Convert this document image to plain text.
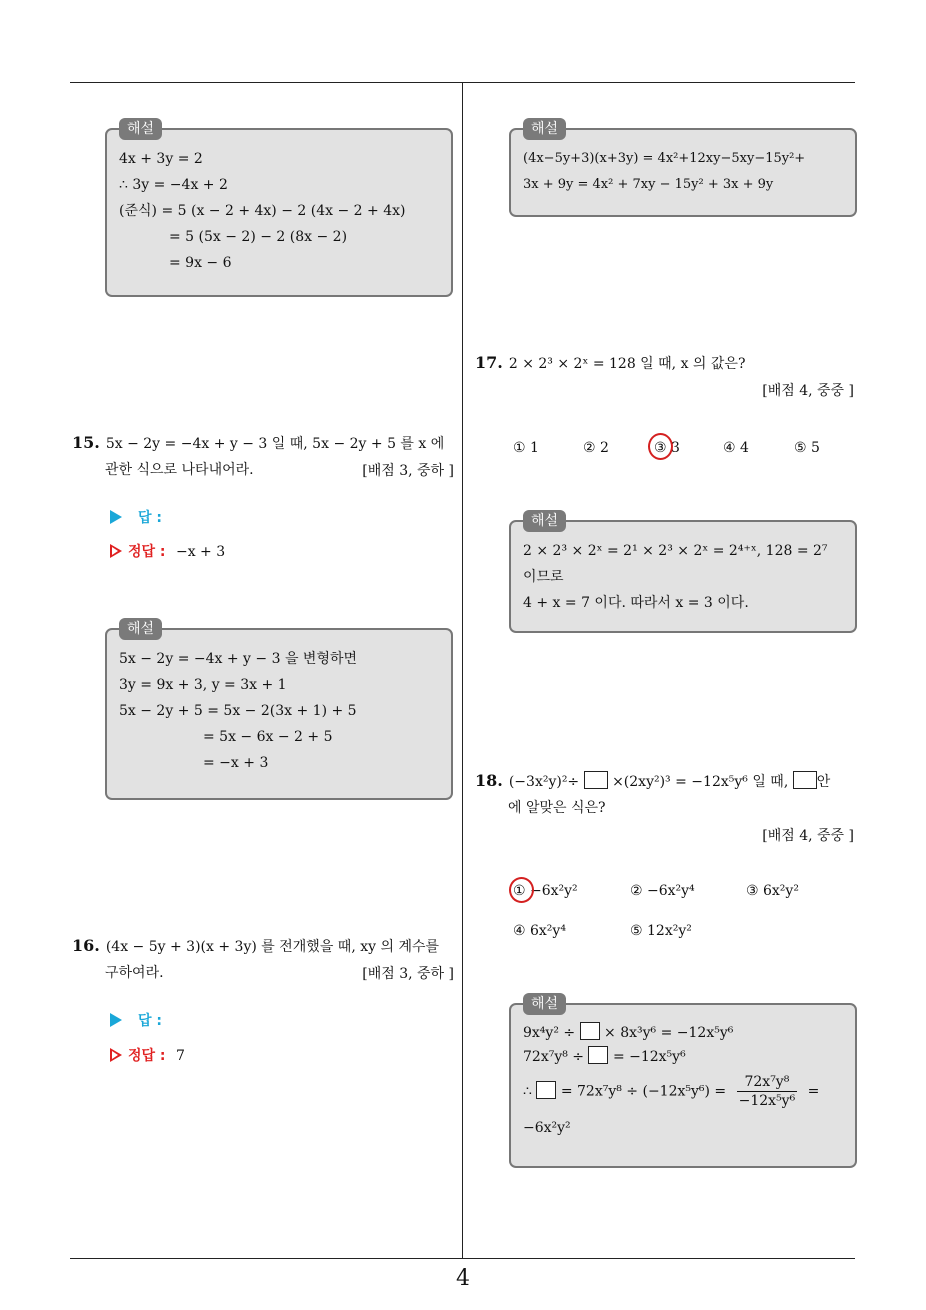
4
해설
4x + 3y = 2
∴ 3y = −4x + 2
(준식) = 5 (x − 2 + 4x) − 2 (4x − 2 + 4x)
= 5 (5x − 2) − 2 (8x − 2)
= 9x − 6
15. 5x − 2y = −4x + y − 3 일 때, 5x − 2y + 5 를 x 에
관한 식으로 나타내어라.	[배점 3, 중하 ]
답 :
정답 : −x + 3
해설
5x − 2y = −4x + y − 3 을 변형하면
3y = 9x + 3, y = 3x + 1
5x − 2y + 5 = 5x − 2(3x + 1) + 5
= 5x − 6x − 2 + 5
= −x + 3
16. (4x − 5y + 3)(x + 3y) 를 전개했을 때, xy 의 계수를
구하여라.	[배점 3, 중하 ]
답 :
정답 : 7
해설
(4x−5y+3)(x+3y) = 4x²+12xy−5xy−15y²+
3x + 9y = 4x² + 7xy − 15y² + 3x + 9y
17. 2 × 2³ × 2ˣ = 128 일 때, x 의 값은?
[배점 4, 중중 ]
① 1	② 2	③ 3	④ 4	⑤ 5
해설
2 × 2³ × 2ˣ = 2¹ × 2³ × 2ˣ = 2⁴⁺ˣ, 128 = 2⁷
이므로
4 + x = 7 이다. 따라서 x = 3 이다.
18. (−3x²y)²÷ ×(2xy²)³ = −12x⁵y⁶ 일 때, 안
에 알맞은 식은?
[배점 4, 중중 ]
① −6x²y²	② −6x²y⁴	③ 6x²y²
④ 6x²y⁴	⑤ 12x²y²
해설
9x⁴y² ÷ × 8x³y⁶ = −12x⁵y⁶
72x⁷y⁸ ÷ = −12x⁵y⁶
∴ = $72x^7y^8 \div (-12x^5y^6) = \frac{\text{72x⁷y⁸}}{\text{−12x⁵y⁶}}$ =
−6x²y²
